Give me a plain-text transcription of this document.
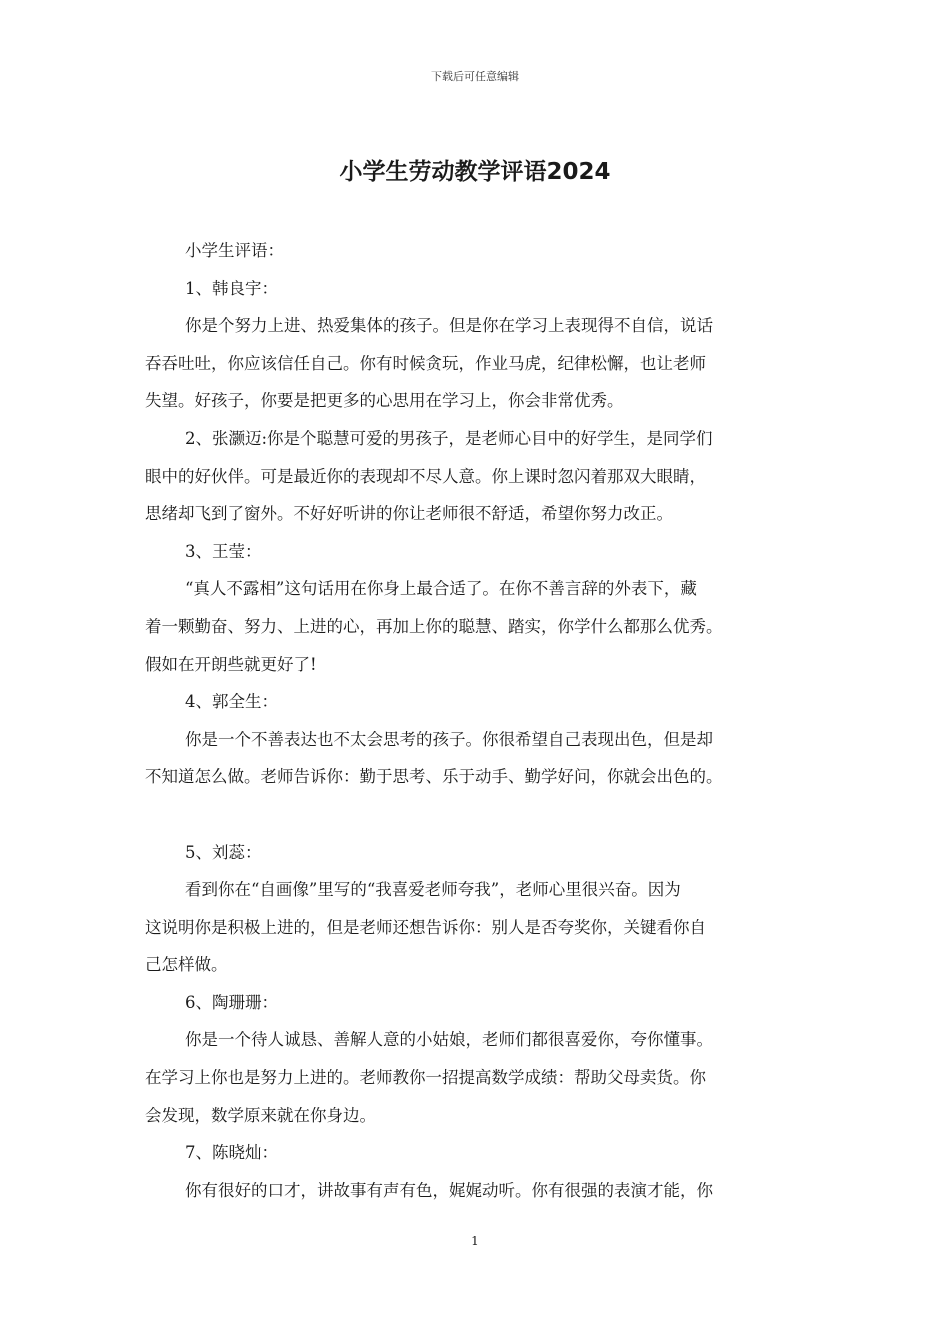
下载后可任意编辑
小学生劳动教学评语2024
小学生评语：
1、韩良宇：
你是个努力上进、热爱集体的孩子。但是你在学习上表现得不自信，说话
吞吞吐吐，你应该信任自己。你有时候贪玩，作业马虎，纪律松懈，也让老师
失望。好孩子，你要是把更多的心思用在学习上，你会非常优秀。
2、张灏迈:你是个聪慧可爱的男孩子，是老师心目中的好学生，是同学们
眼中的好伙伴。可是最近你的表现却不尽人意。你上课时忽闪着那双大眼睛，
思绪却飞到了窗外。不好好听讲的你让老师很不舒适，希望你努力改正。
3、王莹：
“真人不露相”这句话用在你身上最合适了。在你不善言辞的外表下，藏
着一颗勤奋、努力、上进的心，再加上你的聪慧、踏实，你学什么都那么优秀。
假如在开朗些就更好了!
4、郭全生：
你是一个不善表达也不太会思考的孩子。你很希望自己表现出色，但是却
不知道怎么做。老师告诉你：勤于思考、乐于动手、勤学好问，你就会出色的。
5、刘蕊：
看到你在“自画像”里写的“我喜爱老师夸我”，老师心里很兴奋。因为
这说明你是积极上进的，但是老师还想告诉你：别人是否夸奖你，关键看你自
己怎样做。
6、陶珊珊：
你是一个待人诚恳、善解人意的小姑娘，老师们都很喜爱你，夸你懂事。
在学习上你也是努力上进的。老师教你一招提高数学成绩：帮助父母卖货。你
会发现，数学原来就在你身边。
7、陈晓灿：
你有很好的口才，讲故事有声有色，娓娓动听。你有很强的表演才能，你
1
